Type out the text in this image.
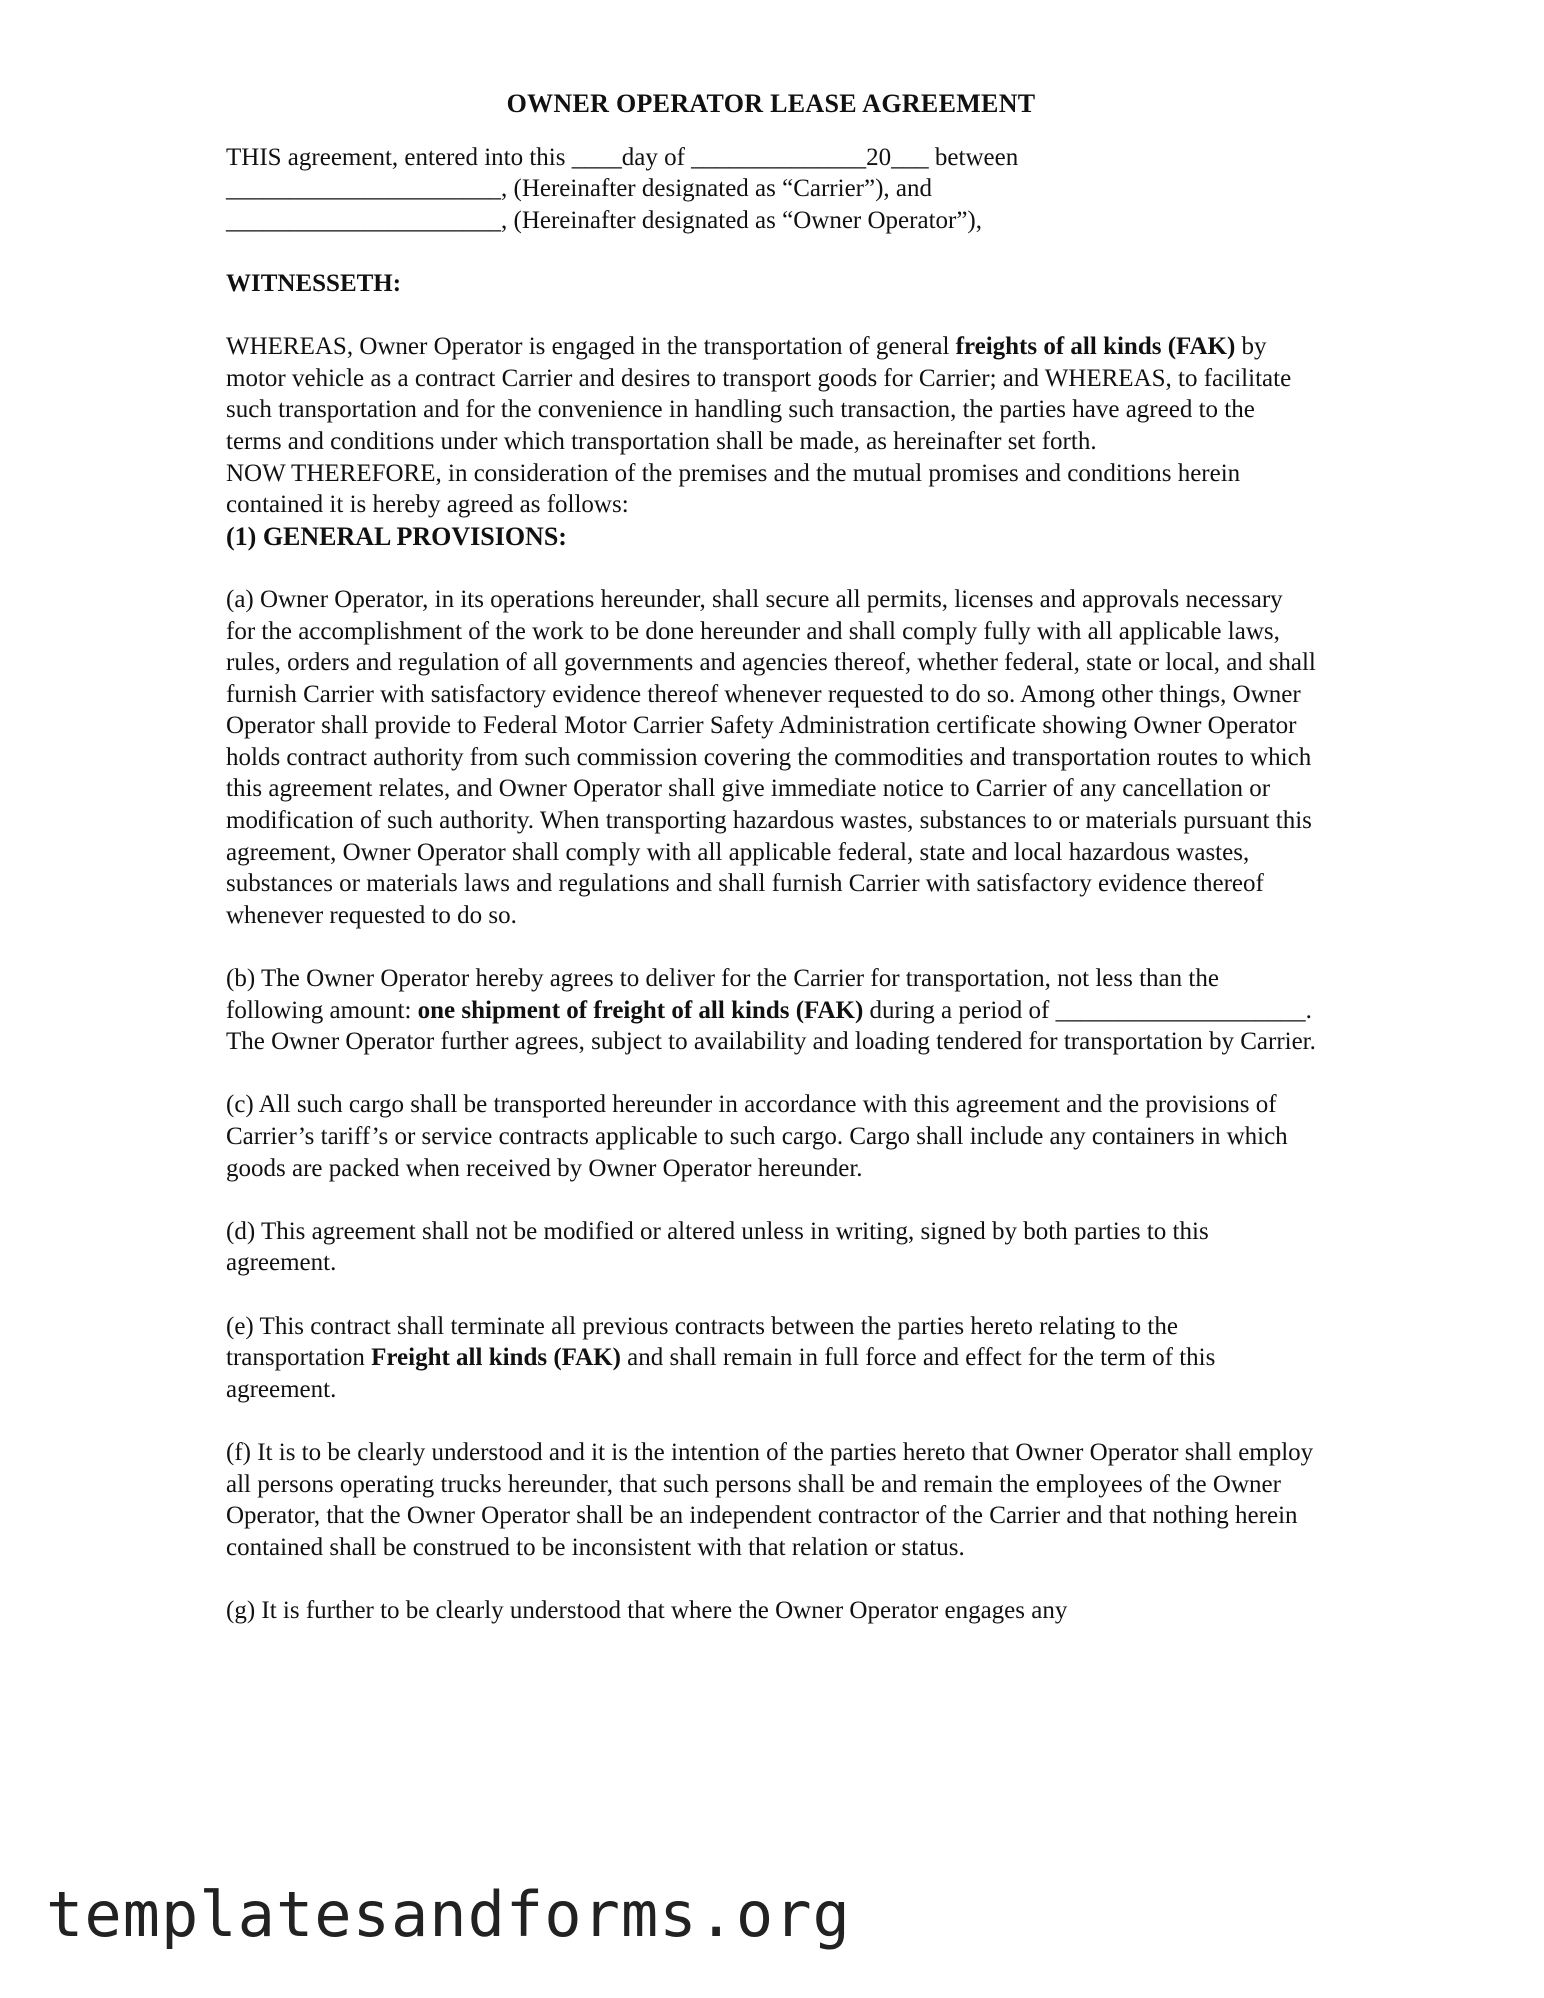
OWNER OPERATOR LEASE AGREEMENT
THIS agreement, entered into this ____day of ______________20___ between
______________________, (Hereinafter designated as “Carrier”), and
______________________, (Hereinafter designated as “Owner Operator”),
WITNESSETH:

WHEREAS, Owner Operator is engaged in the transportation of general freights of all kinds (FAK) by motor vehicle as a contract Carrier and desires to transport goods for Carrier; and WHEREAS, to facilitate such transportation and for the convenience in handling such transaction, the parties have agreed to the terms and conditions under which transportation shall be made, as hereinafter set forth.

NOW THEREFORE, in consideration of the premises and the mutual promises and conditions herein contained it is hereby agreed as follows:

(1) GENERAL PROVISIONS:

(a) Owner Operator, in its operations hereunder, shall secure all permits, licenses and approvals necessary for the accomplishment of the work to be done hereunder and shall comply fully with all applicable laws, rules, orders and regulation of all governments and agencies thereof, whether federal, state or local, and shall furnish Carrier with satisfactory evidence thereof whenever requested to do so. Among other things, Owner Operator shall provide to Federal Motor Carrier Safety Administration certificate showing Owner Operator holds contract authority from such commission covering the commodities and transportation routes to which this agreement relates, and Owner Operator shall give immediate notice to Carrier of any cancellation or modification of such authority. When transporting hazardous wastes, substances to or materials pursuant this agreement, Owner Operator shall comply with all applicable federal, state and local hazardous wastes, substances or materials laws and regulations and shall furnish Carrier with satisfactory evidence thereof whenever requested to do so.

(b) The Owner Operator hereby agrees to deliver for the Carrier for transportation, not less than the following amount: one shipment of freight of all kinds (FAK) during a period of ____________________. The Owner Operator further agrees, subject to availability and loading tendered for transportation by Carrier.

(c) All such cargo shall be transported hereunder in accordance with this agreement and the provisions of Carrier’s tariff’s or service contracts applicable to such cargo. Cargo shall include any containers in which goods are packed when received by Owner Operator hereunder.

(d) This agreement shall not be modified or altered unless in writing, signed by both parties to this agreement.

(e) This contract shall terminate all previous contracts between the parties hereto relating to the transportation Freight all kinds (FAK) and shall remain in full force and effect for the term of this agreement.

(f) It is to be clearly understood and it is the intention of the parties hereto that Owner Operator shall employ all persons operating trucks hereunder, that such persons shall be and remain the employees of the Owner Operator, that the Owner Operator shall be an independent contractor of the Carrier and that nothing herein contained shall be construed to be inconsistent with that relation or status.

(g) It is further to be clearly understood that where the Owner Operator engages any

templatesandforms.org
